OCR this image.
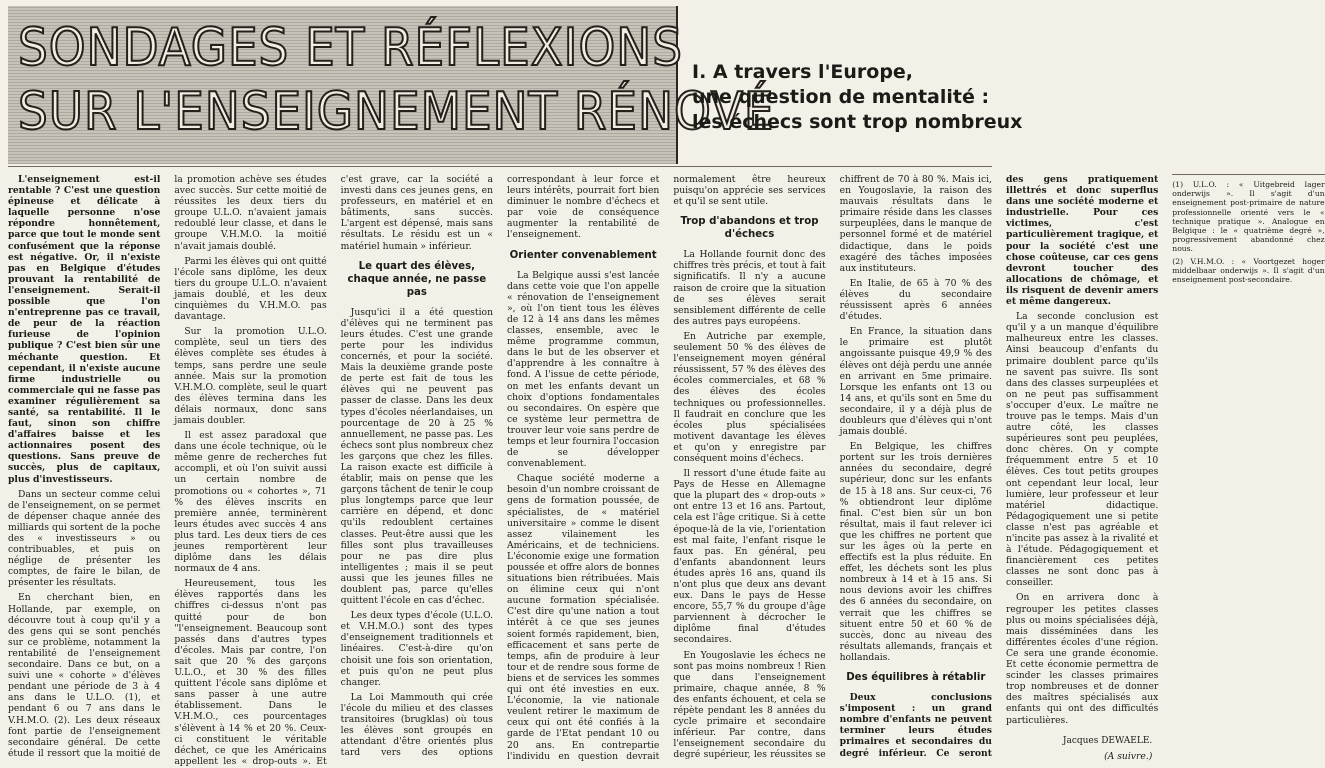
SONDAGES ET RÉFLEXIONS
SUR L'ENSEIGNEMENT RÉNOVÉ
I. A travers l'Europe,
une question de mentalité :
les échecs sont trop nombreux

L'enseignement est-il rentable ? C'est une question épineuse et délicate à laquelle personne n'ose répondre honnêtement, parce que tout le monde sent confusément que la réponse est négative. Or, il n'existe pas en Belgique d'études prouvant la rentabilité de l'enseignement. Serait-il possible que l'on n'entreprenne pas ce travail, de peur de la réaction furieuse de l'opinion publique ? C'est bien sûr une méchante question. Et cependant, il n'existe aucune firme industrielle ou commerciale qui ne fasse pas examiner régulièrement sa santé, sa rentabilité. Il le faut, sinon son chiffre d'affaires baisse et les actionnaires posent des questions. Sans preuve de succès, plus de capitaux, plus d'investisseurs.

Dans un secteur comme celui de l'enseignement, on se permet de dépenser chaque année des milliards qui sortent de la poche des « investisseurs » ou contribuables, et puis on néglige de présenter les comptes, de faire le bilan, de présenter les résultats.

En cherchant bien, en Hollande, par exemple, on découvre tout à coup qu'il y a des gens qui se sont penchés sur ce problème, notamment la rentabilité de l'enseignement secondaire. Dans ce but, on a suivi une « cohorte » d'élèves pendant une période de 3 à 4 ans dans le U.L.O. (1), et pendant 6 ou 7 ans dans le V.H.M.O. (2). Les deux réseaux font partie de l'enseignement secondaire général. De cette étude il ressort que la moitié de la promotion achève ses études avec succès. Sur cette moitié de réussites les deux tiers du groupe U.L.O. n'avaient jamais redoublé leur classe, et dans le groupe V.H.M.O. la moitié n'avait jamais doublé.

Parmi les élèves qui ont quitté l'école sans diplôme, les deux tiers du groupe U.L.O. n'avaient jamais doublé, et les deux cinquièmes du V.H.M.O. pas davantage.

Sur la promotion U.L.O. complète, seul un tiers des élèves complète ses études à temps, sans perdre une seule année. Mais sur la promotion V.H.M.O. complète, seul le quart des élèves termina dans les délais normaux, donc sans jamais doubler.

Il est assez paradoxal que dans une école technique, où le même genre de recherches fut accompli, et où l'on suivit aussi un certain nombre de promotions ou « cohortes », 71 % des élèves inscrits en première année, terminèrent leurs études avec succès 4 ans plus tard. Les deux tiers de ces jeunes remportèrent leur diplôme dans les délais normaux de 4 ans.

Heureusement, tous les élèves rapportés dans les chiffres ci-dessus n'ont pas quitté pour de bon "l'enseignement. Beaucoup sont passés dans d'autres types d'écoles. Mais par contre, l'on sait que 20 % des garçons U.L.O., et 30 % des filles quittent l'école sans diplôme et sans passer à une autre établissement. Dans le V.H.M.O., ces pourcentages s'élèvent à 14 % et 20 %. Ceux-ci constituent le véritable déchet, ce que les Américains appellent les « drop-outs ». Et c'est grave, car la société a investi dans ces jeunes gens, en professeurs, en matériel et en bâtiments, sans succès. L'argent est dépensé, mais sans résultats. Le résidu est un « matériel humain » inférieur.

Le quart des élèves, chaque année, ne passe pas

Jusqu'ici il a été question d'élèves qui ne terminent pas leurs études. C'est une grande perte pour les individus concernés, et pour la société. Mais la deuxième grande poste de perte est fait de tous les élèves qui ne peuvent pas passer de classe. Dans les deux types d'écoles néerlandaises, un pourcentage de 20 à 25 % annuellement, ne passe pas. Les échecs sont plus nombreux chez les garçons que chez les filles. La raison exacte est difficile à établir, mais on pense que les garçons tâchent de tenir le coup plus longtemps parce que leur carrière en dépend, et donc qu'ils redoublent certaines classes. Peut-être aussi que les filles sont plus travailleuses pour ne pas dire plus intelligentes ; mais il se peut aussi que les jeunes filles ne doublent pas, parce qu'elles quittent l'école en cas d'échec.

Les deux types d'école (U.L.O. et V.H.M.O.) sont des types d'enseignement traditionnels et linéaires. C'est-à-dire qu'on choisit une fois son orientation, et puis qu'on ne peut plus changer.

La Loi Mammouth qui crée l'école du milieu et des classes transitoires (brugklas) où tous les élèves sont groupés en attendant d'être orientés plus tard vers des options correspondant à leur force et leurs intérêts, pourrait fort bien diminuer le nombre d'échecs et par voie de conséquence augmenter la rentabilité de l'enseignement.

Orienter convenablement

La Belgique aussi s'est lancée dans cette voie que l'on appelle « rénovation de l'enseignement », où l'on tient tous les élèves de 12 à 14 ans dans les mêmes classes, ensemble, avec le même programme commun, dans le but de les observer et d'apprendre à les connaître à fond. A l'issue de cette période, on met les enfants devant un choix d'options fondamentales ou secondaires. On espère que ce système leur permettra de trouver leur voie sans perdre de temps et leur fournira l'occasion de se développer convenablement.

Chaque société moderne a besoin d'un nombre croissant de gens de formation poussée, de spécialistes, de « matériel universitaire » comme le disent assez vilainement les Américains, et de techniciens. L'économie exige une formation poussée et offre alors de bonnes situations bien rétribuées. Mais on élimine ceux qui n'ont aucune formation spécialisée. C'est dire qu'une nation a tout intérêt à ce que ses jeunes soient formés rapidement, bien, efficacement et sans perte de temps, afin de produire à leur tour et de rendre sous forme de biens et de services les sommes qui ont été investies en eux. L'économie, la vie nationale veulent retirer le maximum de ceux qui ont été confiés à la garde de l'Etat pendant 10 ou 20 ans. En contrepartie l'individu en question devrait normalement être heureux puisqu'on apprécie ses services et qu'il se sent utile.

Trop d'abandons et trop d'échecs

La Hollande fournit donc des chiffres très précis, et tout à fait significatifs. Il n'y a aucune raison de croire que la situation de ses élèves serait sensiblement différente de celle des autres pays européens.

En Autriche par exemple, seulement 50 % des élèves de l'enseignement moyen général réussissent, 57 % des élèves des écoles commerciales, et 68 % des élèves des écoles techniques ou professionnelles. Il faudrait en conclure que les écoles plus spécialisées motivent davantage les élèves et qu'on y enregistre par conséquent moins d'échecs.

Il ressort d'une étude faite au Pays de Hesse en Allemagne que la plupart des « drop-outs » ont entre 13 et 16 ans. Partout, cela est l'âge critique. Si à cette époque-là de la vie, l'orientation est mal faite, l'enfant risque le faux pas. En général, peu d'enfants abandonnent leurs études après 16 ans, quand ils n'ont plus que deux ans devant eux. Dans le pays de Hesse encore, 55,7 % du groupe d'âge parviennent à décrocher le diplôme final d'études secondaires.

En Yougoslavie les échecs ne sont pas moins nombreux ! Rien que dans l'enseignement primaire, chaque année, 8 % des enfants échouent, et cela se répète pendant les 8 années du cycle primaire et secondaire inférieur. Par contre, dans l'enseignement secondaire du degré supérieur, les réussites se chiffrent de 70 à 80 %. Mais ici, en Yougoslavie, la raison des mauvais résultats dans le primaire réside dans les classes surpeuplées, dans le manque de personnel formé et de matériel didactique, dans le poids exagéré des tâches imposées aux instituteurs.

En Italie, de 65 à 70 % des élèves du secondaire réussissent après 6 années d'études.

En France, la situation dans le primaire est plutôt angoissante puisque 49,9 % des élèves ont déjà perdu une année en arrivant en 5me primaire. Lorsque les enfants ont 13 ou 14 ans, et qu'ils sont en 5me du secondaire, il y a déjà plus de doubleurs que d'élèves qui n'ont jamais doublé.

En Belgique, les chiffres portent sur les trois dernières années du secondaire, degré supérieur, donc sur les enfants de 15 à 18 ans. Sur ceux-ci, 76 % obtiendront leur diplôme final. C'est bien sûr un bon résultat, mais il faut relever ici que les chiffres ne portent que sur les âges où la perte en effectifs est la plus réduite. En effet, les déchets sont les plus nombreux à 14 et à 15 ans. Si nous devions avoir les chiffres des 6 années du secondaire, on verrait que les chiffres se situent entre 50 et 60 % de succès, donc au niveau des résultats allemands, français et hollandais.

Des équilibres à rétablir

Deux conclusions s'imposent : un grand nombre d'enfants ne peuvent terminer leurs études primaires et secondaires du degré inférieur. Ce seront des gens pratiquement illettrés et donc superflus dans une société moderne et industrielle. Pour ces victimes, c'est particulièrement tragique, et pour la société c'est une chose coûteuse, car ces gens devront toucher des allocations de chômage, et ils risquent de devenir amers et même dangereux.

La seconde conclusion est qu'il y a un manque d'équilibre malheureux entre les classes. Ainsi beaucoup d'enfants du primaire doublent parce qu'ils ne savent pas suivre. Ils sont dans des classes surpeuplées et on ne peut pas suffisamment s'occuper d'eux. Le maître ne trouve pas le temps. Mais d'un autre côté, les classes supérieures sont peu peuplées, donc chères. On y compte fréquemment entre 5 et 10 élèves. Ces tout petits groupes ont cependant leur local, leur lumière, leur professeur et leur matériel didactique. Pédagogiquement une si petite classe n'est pas agréable et n'incite pas assez à la rivalité et à l'étude. Pédagogiquement et financièrement ces petites classes ne sont donc pas à conseiller.

On en arrivera donc à regrouper les petites classes plus ou moins spécialisées déjà, mais disséminées dans les différentes écoles d'une région. Ce sera une grande économie. Et cette économie permettra de scinder les classes primaires trop nombreuses et de donner des maîtres spécialisés aux enfants qui ont des difficultés particulières.

Jacques DEWAELE.

(A suivre.)

(1) U.L.O. : « Uitgebreid lager onderwijs ». Il s'agit d'un enseignement post-primaire de nature professionnelle orienté vers le « technique pratique ». Analogue en Belgique : le « quatrième degré », progressivement abandonné chez nous.

(2) V.H.M.O. : « Voortgezet hoger middelbaar onderwijs ». Il s'agit d'un enseignement post-secondaire.
